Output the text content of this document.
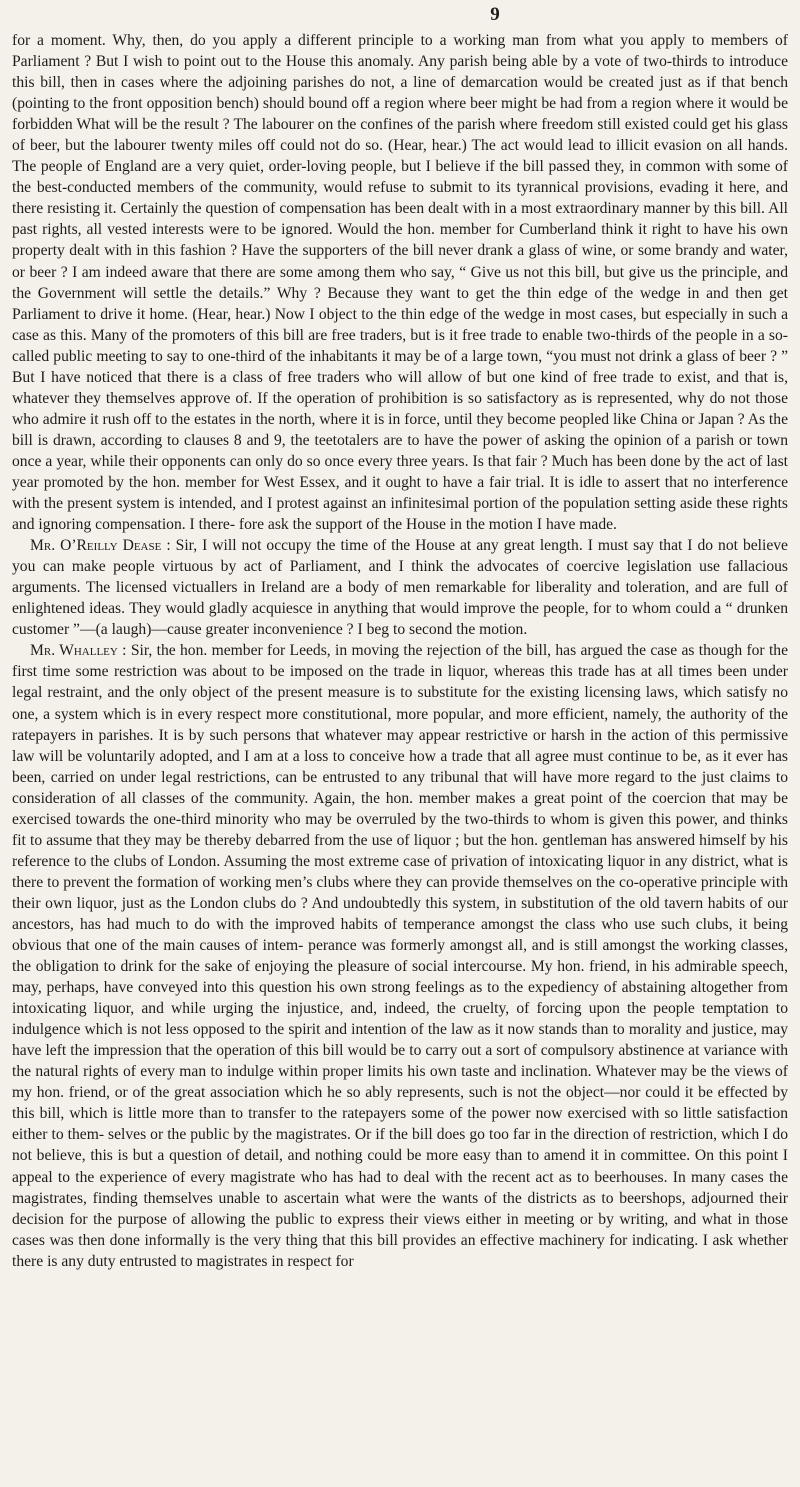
9

for a moment. Why, then, do you apply a different principle to a working man from what you apply to members of Parliament ? But I wish to point out to the House this anomaly. Any parish being able by a vote of two-thirds to introduce this bill, then in cases where the adjoining parishes do not, a line of demarcation would be created just as if that bench (pointing to the front opposition bench) should bound off a region where beer might be had from a region where it would be forbidden What will be the result ? The labourer on the confines of the parish where freedom still existed could get his glass of beer, but the labourer twenty miles off could not do so. (Hear, hear.) The act would lead to illicit evasion on all hands. The people of England are a very quiet, order-loving people, but I believe if the bill passed they, in common with some of the best-conducted members of the community, would refuse to submit to its tyrannical provisions, evading it here, and there resisting it. Certainly the question of compensation has been dealt with in a most extraordinary manner by this bill. All past rights, all vested interests were to be ignored. Would the hon. member for Cumberland think it right to have his own property dealt with in this fashion ? Have the supporters of the bill never drank a glass of wine, or some brandy and water, or beer ? I am indeed aware that there are some among them who say, “ Give us not this bill, but give us the principle, and the Government will settle the details.” Why ? Because they want to get the thin edge of the wedge in and then get Parliament to drive it home. (Hear, hear.) Now I object to the thin edge of the wedge in most cases, but especially in such a case as this. Many of the promoters of this bill are free traders, but is it free trade to enable two-thirds of the people in a so-called public meeting to say to one-third of the inhabitants it may be of a large town, “you must not drink a glass of beer ? ” But I have noticed that there is a class of free traders who will allow of but one kind of free trade to exist, and that is, whatever they themselves approve of. If the operation of prohibition is so satisfactory as is represented, why do not those who admire it rush off to the estates in the north, where it is in force, until they become peopled like China or Japan ? As the bill is drawn, according to clauses 8 and 9, the teetotalers are to have the power of asking the opinion of a parish or town once a year, while their opponents can only do so once every three years. Is that fair ? Much has been done by the act of last year promoted by the hon. member for West Essex, and it ought to have a fair trial. It is idle to assert that no interference with the present system is intended, and I protest against an infinitesimal portion of the population setting aside these rights and ignoring compensation. I there- fore ask the support of the House in the motion I have made.

Mr. O’Reilly Dease : Sir, I will not occupy the time of the House at any great length. I must say that I do not believe you can make people virtuous by act of Parliament, and I think the advocates of coercive legislation use fallacious arguments. The licensed victuallers in Ireland are a body of men remarkable for liberality and toleration, and are full of enlightened ideas. They would gladly acquiesce in anything that would improve the people, for to whom could a “ drunken customer ”—(a laugh)—cause greater inconvenience ? I beg to second the motion.

Mr. Whalley : Sir, the hon. member for Leeds, in moving the rejection of the bill, has argued the case as though for the first time some restriction was about to be imposed on the trade in liquor, whereas this trade has at all times been under legal restraint, and the only object of the present measure is to substitute for the existing licensing laws, which satisfy no one, a system which is in every respect more constitutional, more popular, and more efficient, namely, the authority of the ratepayers in parishes. It is by such persons that whatever may appear restrictive or harsh in the action of this permissive law will be voluntarily adopted, and I am at a loss to conceive how a trade that all agree must continue to be, as it ever has been, carried on under legal restrictions, can be entrusted to any tribunal that will have more regard to the just claims to consideration of all classes of the community. Again, the hon. member makes a great point of the coercion that may be exercised towards the one-third minority who may be overruled by the two-thirds to whom is given this power, and thinks fit to assume that they may be thereby debarred from the use of liquor ; but the hon. gentleman has answered himself by his reference to the clubs of London. Assuming the most extreme case of privation of intoxicating liquor in any district, what is there to prevent the formation of working men’s clubs where they can provide themselves on the co-operative principle with their own liquor, just as the London clubs do ? And undoubtedly this system, in substitution of the old tavern habits of our ancestors, has had much to do with the improved habits of temperance amongst the class who use such clubs, it being obvious that one of the main causes of intem- perance was formerly amongst all, and is still amongst the working classes, the obligation to drink for the sake of enjoying the pleasure of social intercourse. My hon. friend, in his admirable speech, may, perhaps, have conveyed into this question his own strong feelings as to the expediency of abstaining altogether from intoxicating liquor, and while urging the injustice, and, indeed, the cruelty, of forcing upon the people temptation to indulgence which is not less opposed to the spirit and intention of the law as it now stands than to morality and justice, may have left the impression that the operation of this bill would be to carry out a sort of compulsory abstinence at variance with the natural rights of every man to indulge within proper limits his own taste and inclination. Whatever may be the views of my hon. friend, or of the great association which he so ably represents, such is not the object—nor could it be effected by this bill, which is little more than to transfer to the ratepayers some of the power now exercised with so little satisfaction either to them- selves or the public by the magistrates. Or if the bill does go too far in the direction of restriction, which I do not believe, this is but a question of detail, and nothing could be more easy than to amend it in committee. On this point I appeal to the experience of every magistrate who has had to deal with the recent act as to beerhouses. In many cases the magistrates, finding themselves unable to ascertain what were the wants of the districts as to beershops, adjourned their decision for the purpose of allowing the public to express their views either in meeting or by writing, and what in those cases was then done informally is the very thing that this bill provides an effective machinery for indicating. I ask whether there is any duty entrusted to magistrates in respect for
